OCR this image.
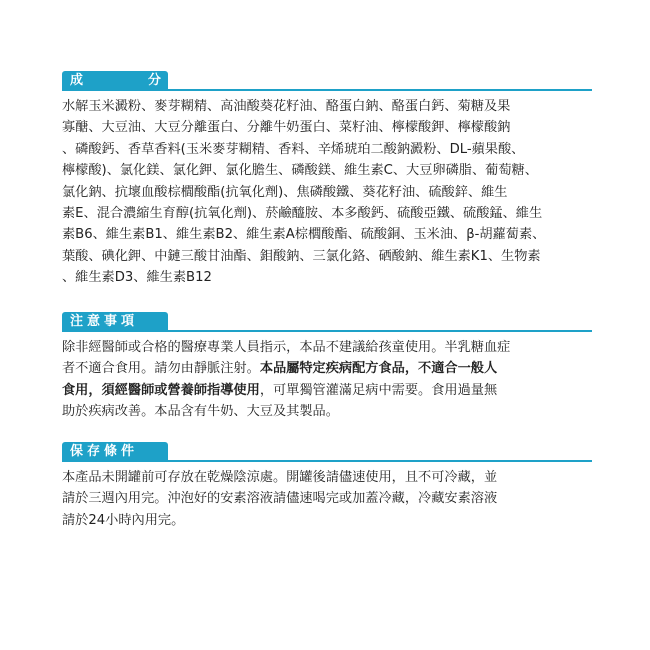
成　分

水解玉米澱粉、麥芽糊精、高油酸葵花籽油、酪蛋白鈉、酪蛋白鈣、菊糖及果
寡醣、大豆油、大豆分離蛋白、分離牛奶蛋白、菜籽油、檸檬酸鉀、檸檬酸鈉
、磷酸鈣、香草香料(玉米麥芽糊精、香料、辛烯琥珀二酸鈉澱粉、DL-蘋果酸、
檸檬酸)、氯化鎂、氯化鉀、氯化膽生、磷酸鎂、維生素C、大豆卵磷脂、葡萄糖、
氯化鈉、抗壞血酸棕櫚酸酯(抗氧化劑)、焦磷酸鐵、葵花籽油、硫酸鋅、維生
素E、混合濃縮生育醇(抗氧化劑)、菸鹼醯胺、本多酸鈣、硫酸亞鐵、硫酸錳、維生
素B6、維生素B1、維生素B2、維生素A棕櫚酸酯、硫酸銅、玉米油、β-胡蘿蔔素、
葉酸、碘化鉀、中鏈三酸甘油酯、鉬酸鈉、三氯化鉻、硒酸鈉、維生素K1、生物素
、維生素D3、維生素B12

注意事項

除非經醫師或合格的醫療專業人員指示，本品不建議給孩童使用。半乳糖血症
者不適合食用。請勿由靜脈注射。本品屬特定疾病配方食品，不適合一般人
食用，須經醫師或營養師指導使用，可單獨管灌滿足病中需要。食用過量無
助於疾病改善。本品含有牛奶、大豆及其製品。

保存條件

本產品未開罐前可存放在乾燥陰涼處。開罐後請儘速使用，且不可冷藏，並
請於三週內用完。沖泡好的安素溶液請儘速喝完或加蓋冷藏，冷藏安素溶液
請於24小時內用完。
